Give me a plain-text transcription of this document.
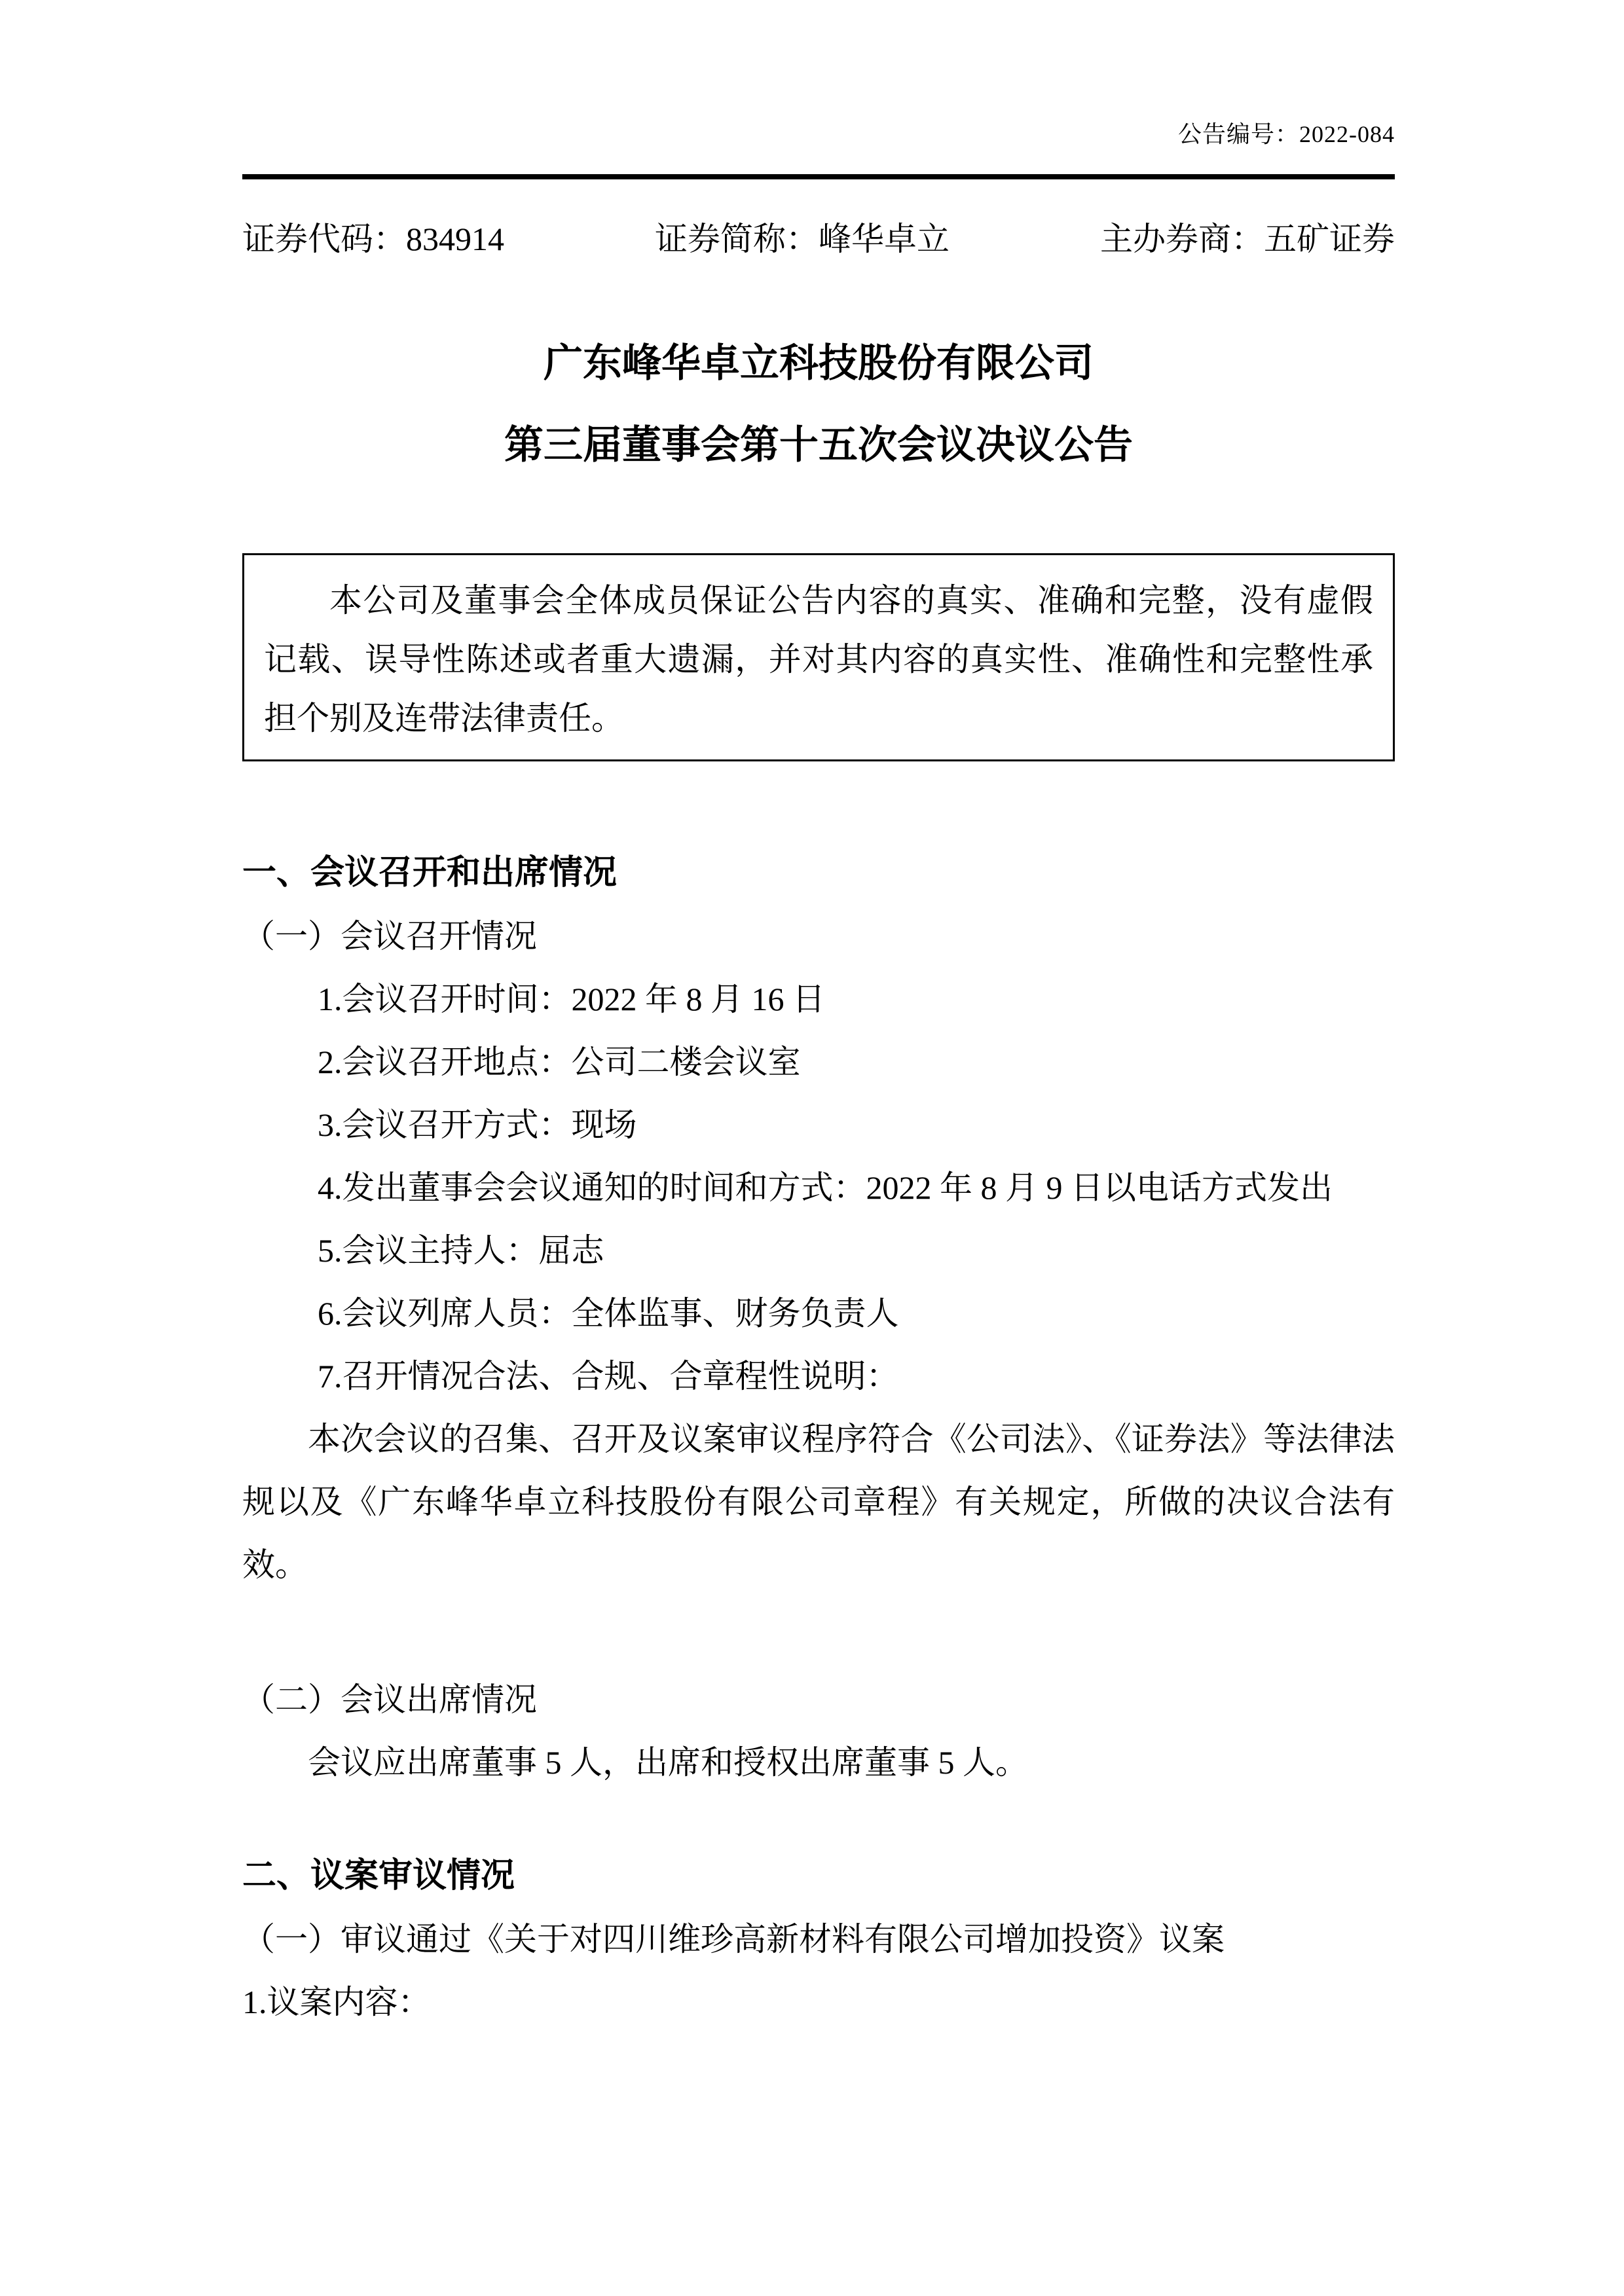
公告编号：2022-084
证券代码：834914	证券简称：峰华卓立	主办券商：五矿证券

广东峰华卓立科技股份有限公司

第三届董事会第十五次会议决议公告

本公司及董事会全体成员保证公告内容的真实、准确和完整，没有虚假记载、误导性陈述或者重大遗漏，并对其内容的真实性、准确性和完整性承担个别及连带法律责任。

一、会议召开和出席情况
（一）会议召开情况
1.会议召开时间：2022 年 8 月 16 日
2.会议召开地点：公司二楼会议室
3.会议召开方式：现场
4.发出董事会会议通知的时间和方式：2022 年 8 月 9 日以电话方式发出
5.会议主持人：屈志
6.会议列席人员：全体监事、财务负责人
7.召开情况合法、合规、合章程性说明：

本次会议的召集、召开及议案审议程序符合《公司法》、《证券法》等法律法规以及《广东峰华卓立科技股份有限公司章程》有关规定，所做的决议合法有效。

（二）会议出席情况

会议应出席董事 5 人，出席和授权出席董事 5 人。

二、议案审议情况
（一）审议通过《关于对四川维珍高新材料有限公司增加投资》议案
1.议案内容：
